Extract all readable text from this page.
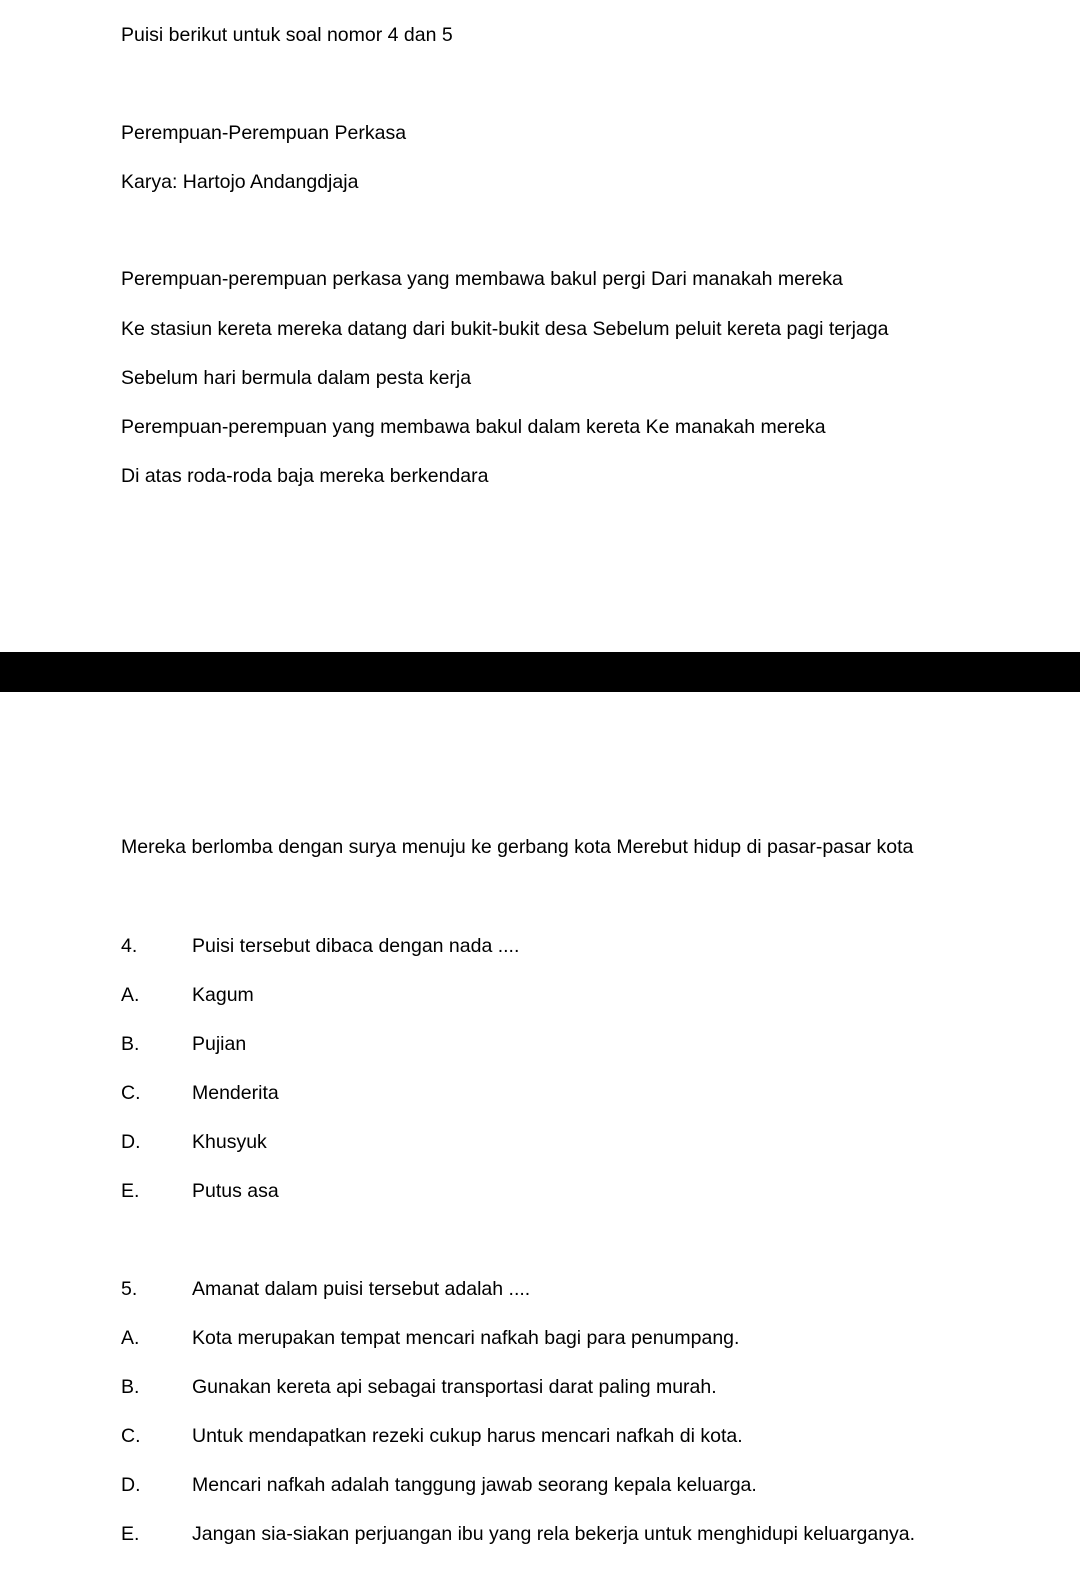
Puisi berikut untuk soal nomor 4 dan 5
Perempuan-Perempuan Perkasa
Karya: Hartojo Andangdjaja
Perempuan-perempuan perkasa yang membawa bakul pergi Dari manakah mereka
Ke stasiun kereta mereka datang dari bukit-bukit desa Sebelum peluit kereta pagi terjaga
Sebelum hari bermula dalam pesta kerja
Perempuan-perempuan yang membawa bakul dalam kereta Ke manakah mereka
Di atas roda-roda baja mereka berkendara
Mereka berlomba dengan surya menuju ke gerbang kota Merebut hidup di pasar-pasar kota
4.	Puisi tersebut dibaca dengan nada ....
A.	Kagum
B.	Pujian
C.	Menderita
D.	Khusyuk
E.	Putus asa
5.	Amanat dalam puisi tersebut adalah ....
A.	Kota merupakan tempat mencari nafkah bagi para penumpang.
B.	Gunakan kereta api sebagai transportasi darat paling murah.
C.	Untuk mendapatkan rezeki cukup harus mencari nafkah di kota.
D.	Mencari nafkah adalah tanggung jawab seorang kepala keluarga.
E.	Jangan sia-siakan perjuangan ibu yang rela bekerja untuk menghidupi keluarganya.
